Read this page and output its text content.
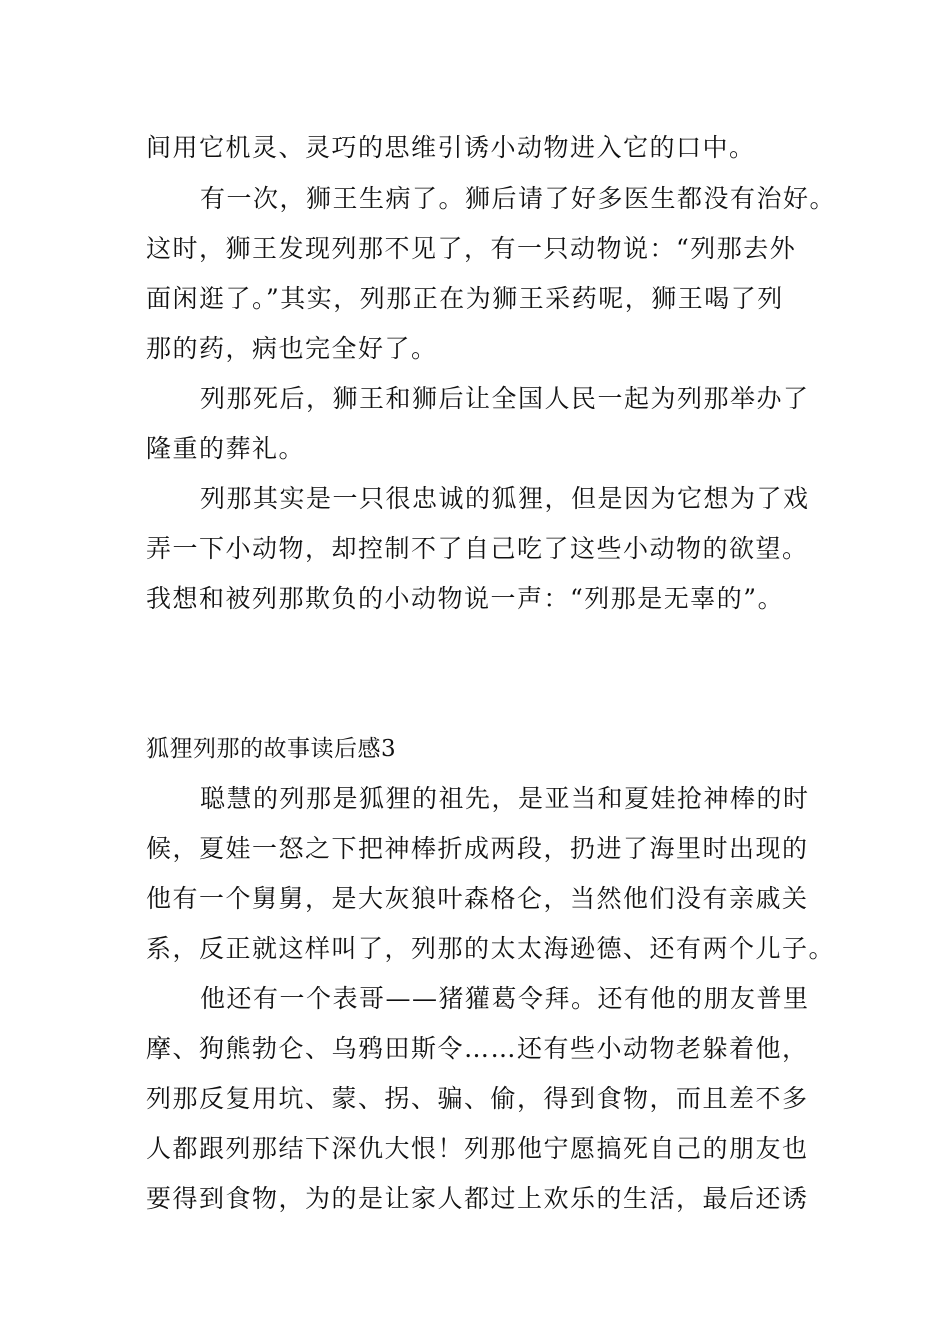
间用它机灵、灵巧的思维引诱小动物进入它的口中。
有一次，狮王生病了。狮后请了好多医生都没有治好。
这时，狮王发现列那不见了，有一只动物说：“列那去外
面闲逛了。”其实，列那正在为狮王采药呢，狮王喝了列
那的药，病也完全好了。
列那死后，狮王和狮后让全国人民一起为列那举办了
隆重的葬礼。
列那其实是一只很忠诚的狐狸，但是因为它想为了戏
弄一下小动物，却控制不了自己吃了这些小动物的欲望。
我想和被列那欺负的小动物说一声：“列那是无辜的”。
狐狸列那的故事读后感3
聪慧的列那是狐狸的祖先，是亚当和夏娃抢神棒的时
候，夏娃一怒之下把神棒折成两段，扔进了海里时出现的
他有一个舅舅，是大灰狼叶森格仑，当然他们没有亲戚关
系，反正就这样叫了，列那的太太海逊德、还有两个儿子。
他还有一个表哥——猪獾葛令拜。还有他的朋友普里
摩、狗熊勃仑、乌鸦田斯令……还有些小动物老躲着他，
列那反复用坑、蒙、拐、骗、偷，得到食物，而且差不多
人都跟列那结下深仇大恨！列那他宁愿搞死自己的朋友也
要得到食物，为的是让家人都过上欢乐的生活，最后还诱
